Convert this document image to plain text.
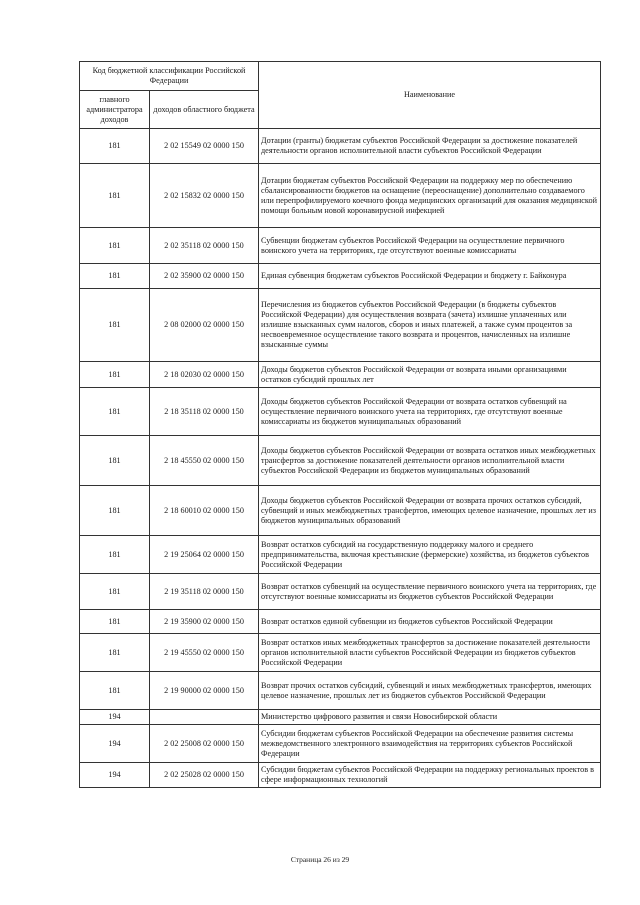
Код бюджетной классификации Российской Федерации		Наименование
главного администратора доходов	доходов областного бюджета	
181	2 02 15549 02 0000 150	Дотации (гранты) бюджетам субъектов Российской Федерации за достижение показателей деятельности органов исполнительной власти субъектов Российской Федерации
181	2 02 15832 02 0000 150	Дотации бюджетам субъектов Российской Федерации на поддержку мер по обеспечению сбалансированности бюджетов на оснащение (переоснащение) дополнительно создаваемого или перепрофилируемого коечного фонда медицинских организаций для оказания медицинской помощи больным новой коронавирусной инфекцией
181	2 02 35118 02 0000 150	Субвенции бюджетам субъектов Российской Федерации на осуществление первичного воинского учета на территориях, где отсутствуют военные комиссариаты
181	2 02 35900 02 0000 150	Единая субвенция бюджетам субъектов Российской Федерации и бюджету г. Байконура
181	2 08 02000 02 0000 150	Перечисления из бюджетов субъектов Российской Федерации (в бюджеты субъектов Российской Федерации) для осуществления возврата (зачета) излишне уплаченных или излишне взысканных сумм налогов, сборов и иных платежей, а также сумм процентов за несвоевременное осуществление такого возврата и процентов, начисленных на излишне взысканные суммы
181	2 18 02030 02 0000 150	Доходы бюджетов субъектов Российской Федерации от возврата иными организациями остатков субсидий прошлых лет
181	2 18 35118 02 0000 150	Доходы бюджетов субъектов Российской Федерации от возврата остатков субвенций на осуществление первичного воинского учета на территориях, где отсутствуют военные комиссариаты из бюджетов муниципальных образований
181	2 18 45550 02 0000 150	Доходы бюджетов субъектов Российской Федерации от возврата остатков иных межбюджетных трансфертов за достижение показателей деятельности органов исполнительной власти субъектов Российской Федерации из бюджетов муниципальных образований
181	2 18 60010 02 0000 150	Доходы бюджетов субъектов Российской Федерации от возврата прочих остатков субсидий, субвенций и иных межбюджетных трансфертов, имеющих целевое назначение, прошлых лет из бюджетов муниципальных образований
181	2 19 25064 02 0000 150	Возврат остатков субсидий на государственную поддержку малого и среднего предпринимательства, включая крестьянские (фермерские) хозяйства, из бюджетов субъектов Российской Федерации
181	2 19 35118 02 0000 150	Возврат остатков субвенций на осуществление первичного воинского учета на территориях, где отсутствуют военные комиссариаты из бюджетов субъектов Российской Федерации
181	2 19 35900 02 0000 150	Возврат остатков единой субвенции из бюджетов субъектов Российской Федерации
181	2 19 45550 02 0000 150	Возврат остатков иных межбюджетных трансфертов за достижение показателей деятельности органов исполнительной власти субъектов Российской Федерации из бюджетов субъектов Российской Федерации
181	2 19 90000 02 0000 150	Возврат прочих остатков субсидий, субвенций и иных межбюджетных трансфертов, имеющих целевое назначение, прошлых лет из бюджетов субъектов Российской Федерации
194		Министерство цифрового развития и связи Новосибирской области
194	2 02 25008 02 0000 150	Субсидии бюджетам субъектов Российской Федерации на обеспечение развития системы межведомственного электронного взаимодействия на территориях субъектов Российской Федерации
194	2 02 25028 02 0000 150	Субсидии бюджетам субъектов Российской Федерации на поддержку региональных проектов в сфере информационных технологий
Страница 26 из 29
